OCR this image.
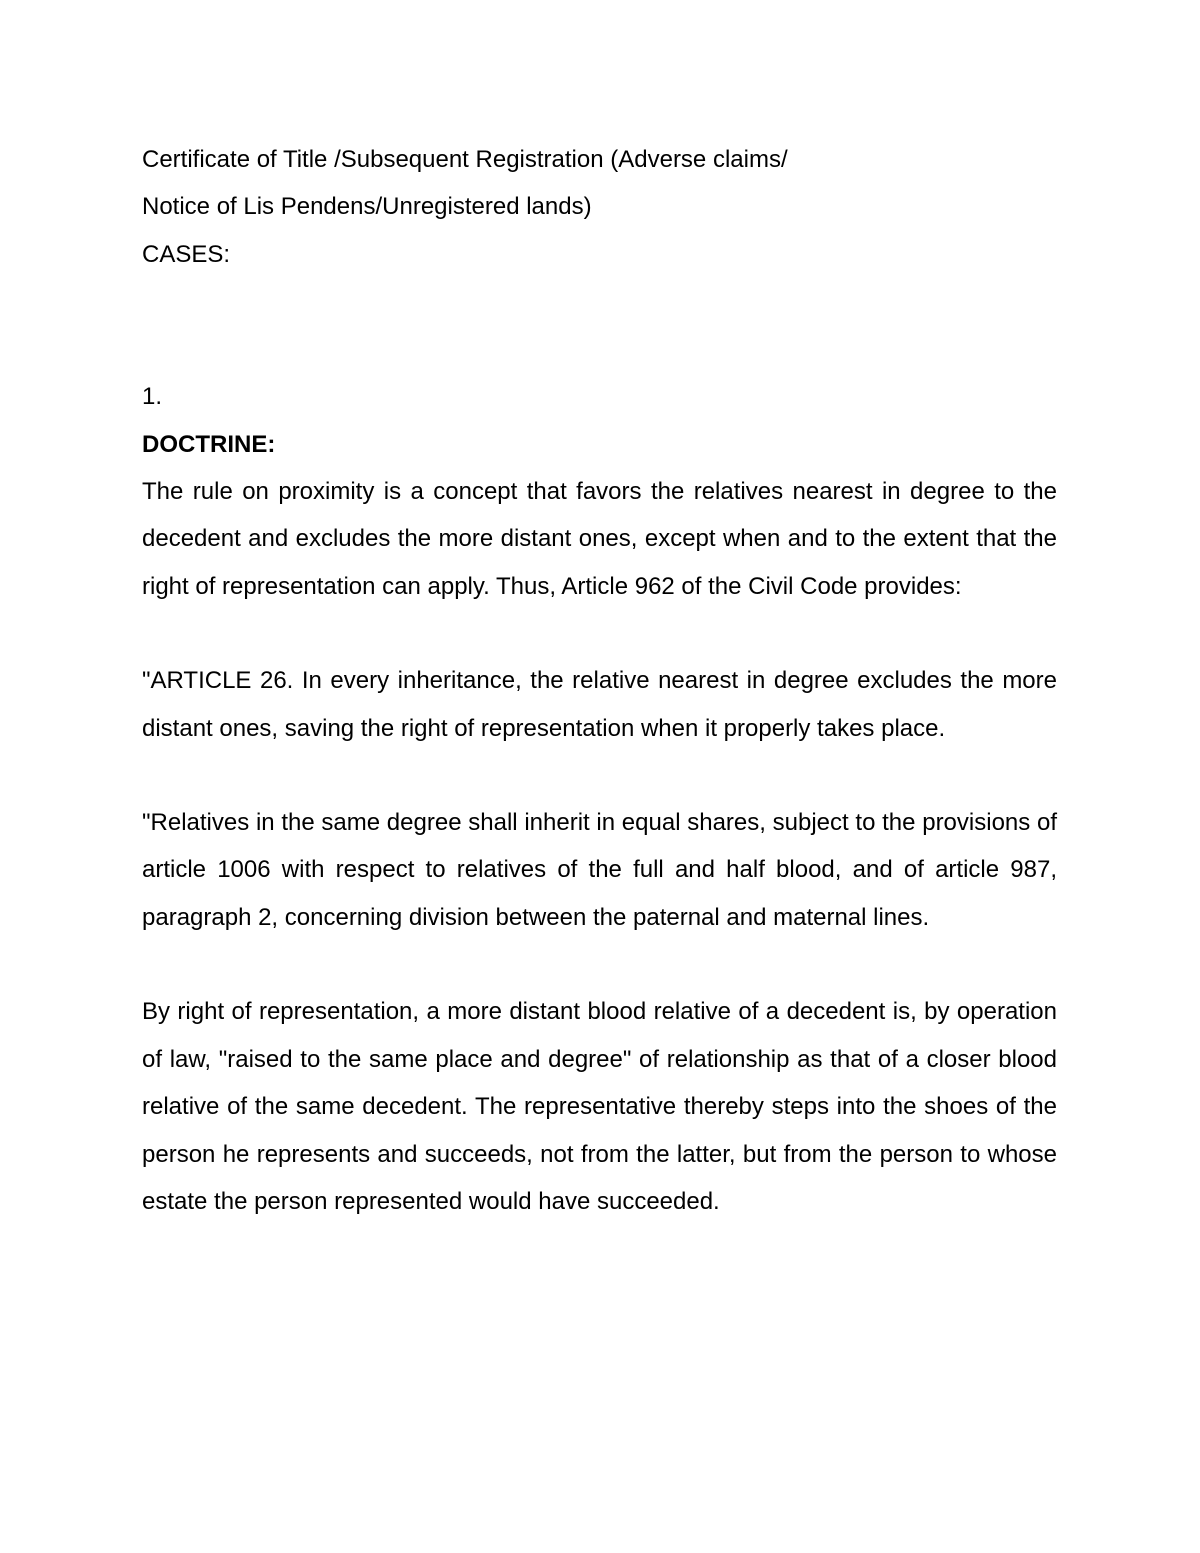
Certificate of Title /Subsequent Registration (Adverse claims/

Notice of Lis Pendens/Unregistered lands)

CASES:

1.

DOCTRINE:

The rule on proximity is a concept that favors the relatives nearest in degree to the decedent and excludes the more distant ones, except when and to the extent that the right of representation can apply. Thus, Article 962 of the Civil Code provides:

"ARTICLE 26. In every inheritance, the relative nearest in degree excludes the more distant ones, saving the right of representation when it properly takes place.

"Relatives in the same degree shall inherit in equal shares, subject to the provisions of article 1006 with respect to relatives of the full and half blood, and of article 987, paragraph 2, concerning division between the paternal and maternal lines.

By right of representation, a more distant blood relative of a decedent is, by operation of law, "raised to the same place and degree" of relationship as that of a closer blood relative of the same decedent. The representative thereby steps into the shoes of the person he represents and succeeds, not from the latter, but from the person to whose estate the person represented would have succeeded.
